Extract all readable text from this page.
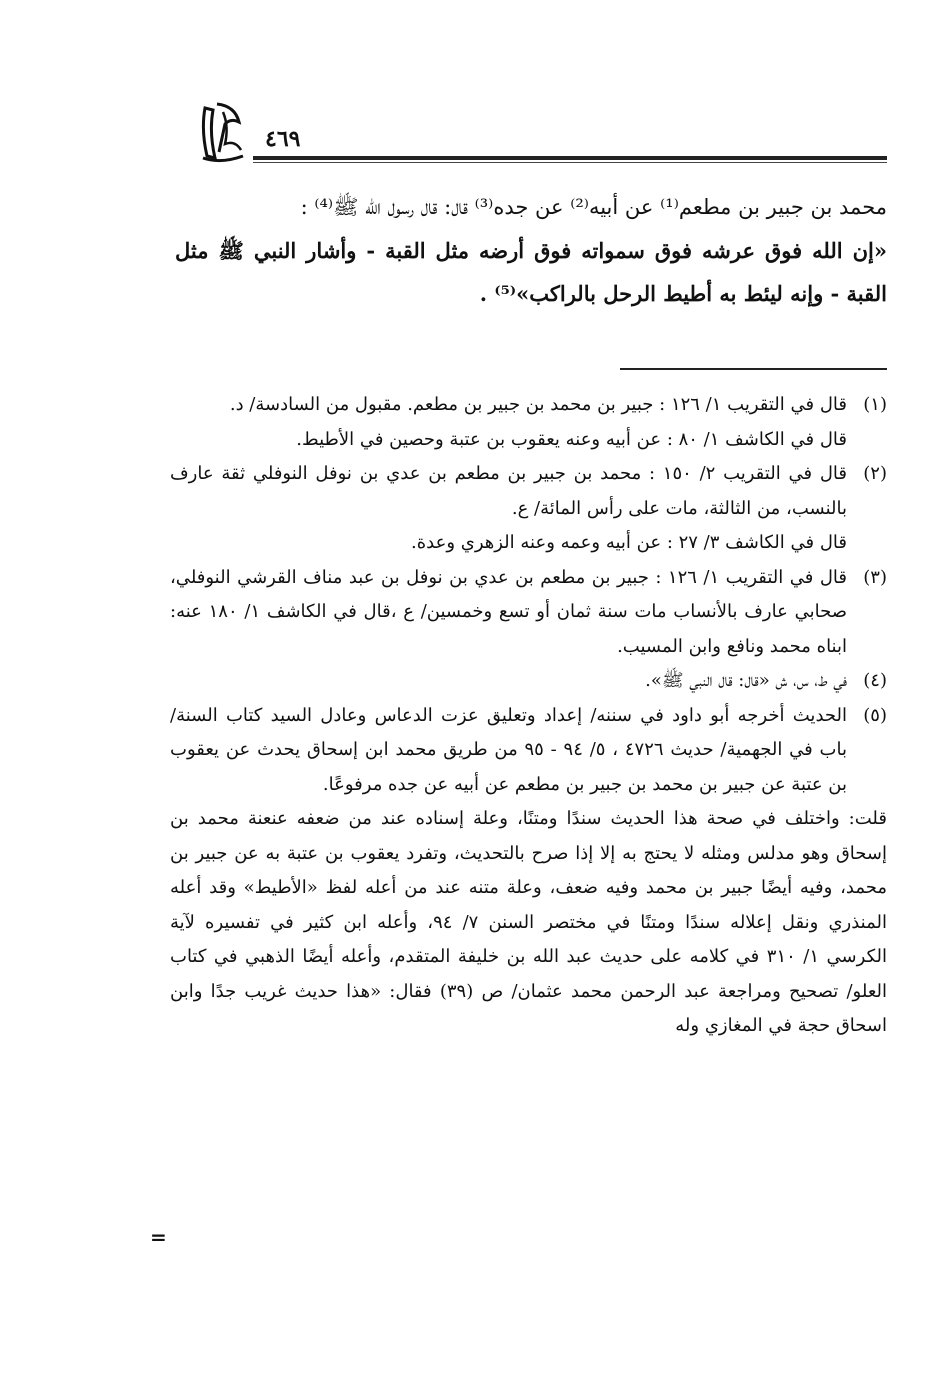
٤٦٩

محمد بن جبير بن مطعم⁽¹⁾ عن أبيه⁽²⁾ عن جده⁽³⁾ قال: قال رسول الله ﷺ⁽⁴⁾ :

«إن الله فوق عرشه فوق سمواته فوق أرضه مثل القبة - وأشار النبي ﷺ مثل القبة - وإنه ليئط به أطيط الرحل بالراكب»⁽⁵⁾ .

(١)

قال في التقريب ١/ ١٢٦ : جبير بن محمد بن جبير بن مطعم. مقبول من السادسة/ د.

قال في الكاشف ١/ ٨٠ : عن أبيه وعنه يعقوب بن عتبة وحصين في الأطيط.

(٢)

قال في التقريب ٢/ ١٥٠ : محمد بن جبير بن مطعم بن عدي بن نوفل النوفلي ثقة عارف بالنسب، من الثالثة، مات على رأس المائة/ ع.

قال في الكاشف ٣/ ٢٧ : عن أبيه وعمه وعنه الزهري وعدة.

(٣)

قال في التقريب ١/ ١٢٦ : جبير بن مطعم بن عدي بن نوفل بن عبد مناف القرشي النوفلي، صحابي عارف بالأنساب مات سنة ثمان أو تسع وخمسين/ ع ،قال في الكاشف ١/ ١٨٠ عنه: ابناه محمد ونافع وابن المسيب.

(٤)

في ط، س، ش «قال: قال النبي ﷺ».

(٥)

الحديث أخرجه أبو داود في سننه/ إعداد وتعليق عزت الدعاس وعادل السيد كتاب السنة/ باب في الجهمية/ حديث ٤٧٢٦ ، ٥/ ٩٤ - ٩٥ من طريق محمد ابن إسحاق يحدث عن يعقوب بن عتبة عن جبير بن محمد بن جبير بن مطعم عن أبيه عن جده مرفوعًا.

قلت: واختلف في صحة هذا الحديث سندًا ومتنًا، وعلة إسناده عند من ضعفه عنعنة محمد بن إسحاق وهو مدلس ومثله لا يحتج به إلا إذا صرح بالتحديث، وتفرد يعقوب بن عتبة به عن جبير بن محمد، وفيه أيضًا جبير بن محمد وفيه ضعف، وعلة متنه عند من أعله لفظ «الأطيط» وقد أعله المنذري ونقل إعلاله سندًا ومتنًا في مختصر السنن ٧/ ٩٤، وأعله ابن كثير في تفسيره لآية الكرسي ١/ ٣١٠ في كلامه على حديث عبد الله بن خليفة المتقدم، وأعله أيضًا الذهبي في كتاب العلو/ تصحيح ومراجعة عبد الرحمن محمد عثمان/ ص (٣٩) فقال: «هذا حديث غريب جدًا وابن اسحاق حجة في المغازي وله

=
